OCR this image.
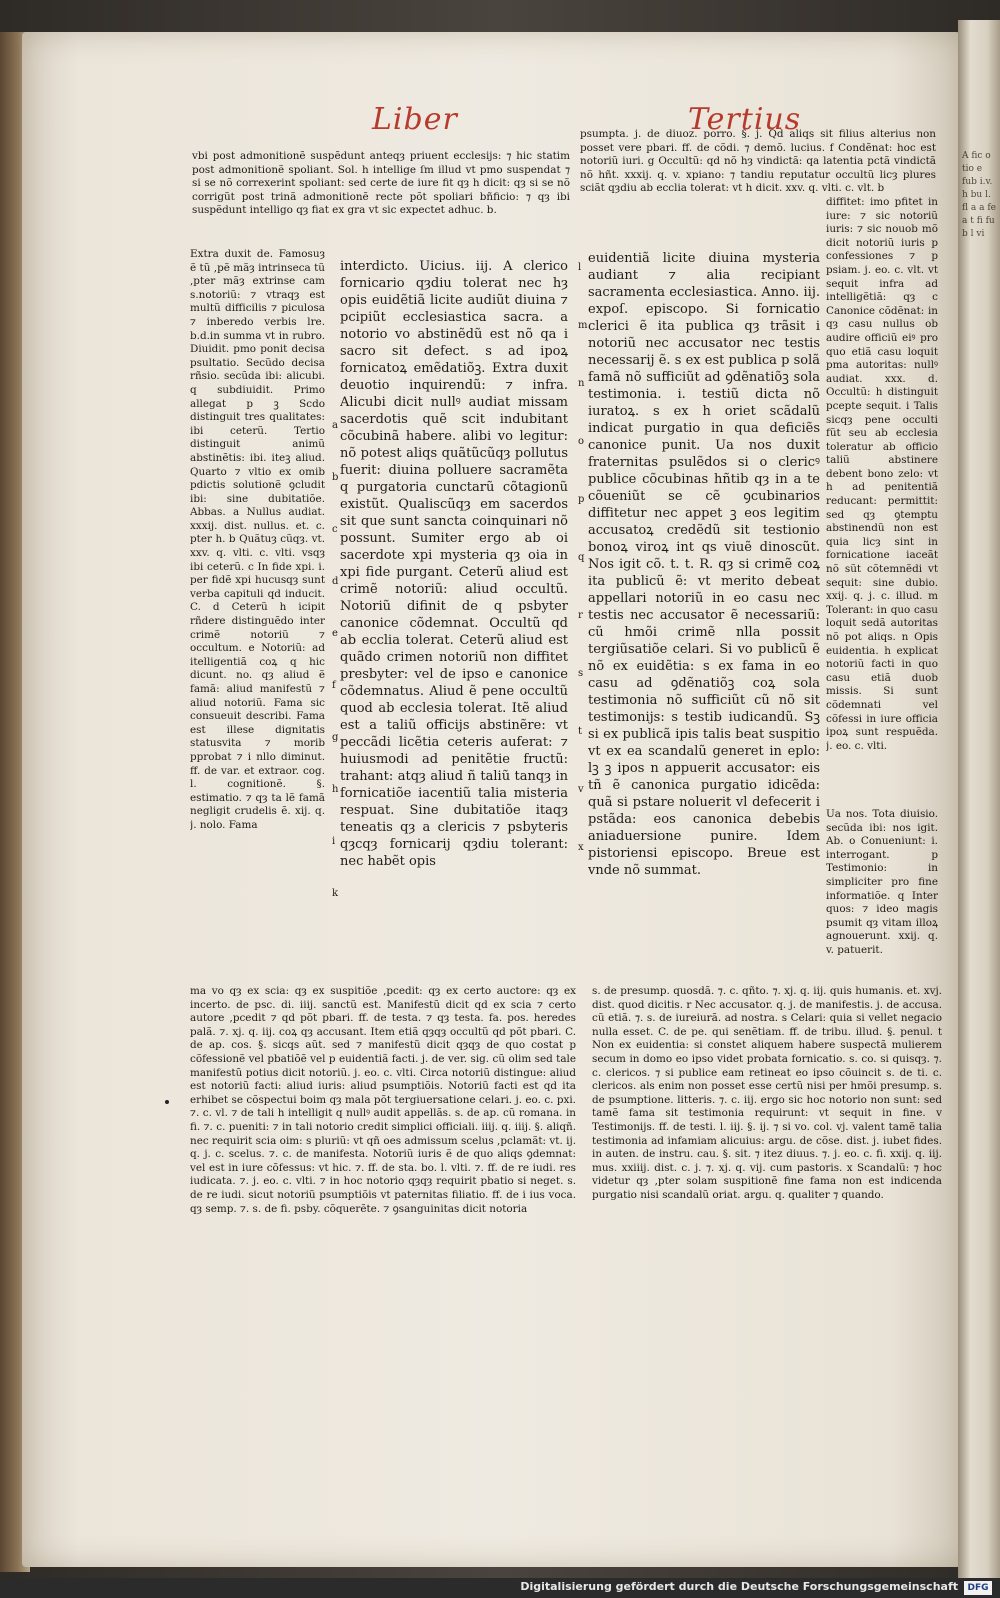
A fic o tio e fub i.v. h bu l. fl a a fe a t fi fu b l vi
Liber	Tertius
vbi post admonitionẽ suspẽdunt anteqȝ priuent ecclesijs: ⁊ hic statim post admonitionẽ spoliant. Sol. h intellige ſm illud vt pmo suspendat ⁊ si se nõ correxerint spoliant: sed certe de iure fit qȝ h dicit: qȝ si se nõ corrigũt post trinã admonitionẽ recte põt spoliari bñficio: ⁊ qȝ ibi suspẽdunt intelligo qȝ fiat ex gra vt sic expectet adhuc. b.
psumpta. j. de diuoz. porro. §. j. Qd aliqs sit filius alterius non posset vere pbari. ff. de cõdi. ⁊ demõ. lucius. f Condẽnat: hoc est notoriũ iuri. g Occultũ: qd nõ hȝ vindictã: qa latentia pctã vindictã nõ hñt. xxxij. q. v. xpiano: ⁊ tandiu reputatur occultũ licȝ plures sciãt qȝdiu ab ecclia tolerat: vt h dicit. xxv. q. vlti. c. vlt. b
Extra duxit de. Famosuȝ ẽ tũ ,pẽ mãȝ intrinseca tũ ,pter mãȝ extrinse cam s.notoriũ: ⁊ vtraqȝ est multũ difficilis ⁊ piculosa ⁊ inberedo verbis lre. b.d.in summa vt in rubro. Diuidit. pmo ponit decisa psultatio. Secũdo decisa rñsio. secũda ibi: alicubi. q subdiuidit. Primo allegat p ꝫ Scdo distinguit tres qualitates: ibi ceterũ. Tertio distinguit animũ abstinẽtis: ibi. iteꝫ aliud. Quarto ⁊ vltio ex omib pdictis solutionẽ ꝯcludit ibi: sine dubitatiõe. Abbas. a Nullus audiat. xxxij. dist. nullus. et. c. pter h. b Quãtuȝ cũqȝ. vt. xxv. q. vlti. c. vlti. vsqȝ ibi ceterũ. c In fide xpi. i. per fidẽ xpi hucusqȝ sunt verba capituli qd inducit. C. d Ceterũ h icipit rñdere distinguẽdo inter crimẽ notoriũ ⁊ occultum. e Notoriũ: ad itelligentiã coꝝ q hic dicunt. no. qȝ aliud ẽ famã: aliud manifestũ ⁊ aliud notoriũ. Fama sic consueuit describi. Fama est illese dignitatis statusvita ⁊ morib pprobat ⁊ i nllo diminut. ff. de var. et extraor. cog. l. cognitionẽ. §. estimatio. ⁊ qȝ ta lẽ famã negligit crudelis ẽ. xij. q. j. nolo. Fama
interdicto. Uicius. iij. A clerico fornicario qȝdiu tolerat nec hȝ opis euidẽtiã licite audiũt diuina ⁊ pcipiũt ecclesiastica sacra. a notorio vo abstinẽdũ est nõ qa i sacro sit defect. s ad ipoꝝ fornicatoꝝ emẽdatiõꝫ. Extra duxit deuotio inquirendũ: ⁊ infra. Alicubi dicit nullꝰ audiat missam sacerdotis quẽ scit indubitant cõcubinã habere. alibi vo legitur: nõ potest aliqs quãtũcũqȝ pollutus fuerit: diuina polluere sacramẽta q purgatoria cunctarũ cõtagionũ existũt. Qualiscũqȝ em sacerdos sit que sunt sancta coinquinari nõ possunt. Sumiter ergo ab oi sacerdote xpi mysteria qȝ oia in xpi fide purgant. Ceterũ aliud est crimẽ notoriũ: aliud occultũ. Notoriũ difinit de q psbyter canonice cõdemnat. Occultũ qd ab ecclia tolerat. Ceterũ aliud est quãdo crimen notoriũ non diffitet presbyter: vel de ipso e canonice cõdemnatus. Aliud ẽ pene occultũ quod ab ecclesia tolerat. Itẽ aliud est a taliũ officijs abstinẽre: vt peccãdi licẽtia ceteris auferat: ⁊ huiusmodi ad penitẽtie fructũ: trahant: atqȝ aliud ñ taliũ tanqȝ in fornicatiõe iacentiũ talia misteria respuat. Sine dubitatiõe itaqȝ teneatis qȝ a clericis ⁊ psbyteris qȝcqȝ fornicarij qȝdiu tolerant: nec habẽt opis
euidentiã licite diuina mysteria audiant ⁊ alia recipiant sacramenta ecclesiastica. Anno. iij. expoſ. episcopo. Si fornicatio clerici ẽ ita publica qȝ trãsit i notoriũ nec accusator nec testis necessarij ẽ. s ex est publica p solã famã nõ sufficiũt ad ꝯdẽnatiõꝫ sola testimonia. i. testiũ dicta nõ iuratoꝝ. s ex h oriet scãdalũ indicat purgatio in qua deficiẽs canonice punit. Ua nos duxit fraternitas psulẽdos si o clericꝰ publice cõcubinas hñtib qȝ in a te cõueniũt se cẽ ꝯcubinarios diffitetur nec appet ꝫ eos legitim accusatoꝝ credẽdũ sit testionio bonoꝝ viroꝝ int qs viuẽ dinoscũt. Nos igit cõ. t. t. R. qȝ si crimẽ coꝝ ita publicũ ẽ: vt merito debeat appellari notoriũ in eo casu nec testis nec accusator ẽ necessariũ: cũ hmõi crimẽ nlla possit tergiũsatiõe celari. Si vo publicũ ẽ nõ ex euidẽtia: s ex fama in eo casu ad ꝯdẽnatiõꝫ coꝝ sola testimonia nõ sufficiũt cũ nõ sit testimonijs: s testib iudicandũ. Sꝫ si ex publicã ipis talis beat suspitio vt ex ea scandalũ generet in eplo: lꝫ ꝫ ipos n appuerit accusator: eis tñ ẽ canonica purgatio idicẽda: quã si pstare noluerit vl defecerit i pstãda: eos canonica debebis aniaduersione punire. Idem pistoriensi episcopo. Breue est vnde nõ summat.
diffitet: imo pfitet in iure: ⁊ sic notoriũ iuris: ⁊ sic nouob mõ dicit notoriũ iuris p confessiones ⁊ p psiam. j. eo. c. vlt. vt sequit infra ad intelligẽtiã: qȝ c Canonice cõdẽnat: in qȝ casu nullus ob audire officiũ eiꝰ pro quo etiã casu loquit pma autoritas: nullꝰ audiat. xxx. d. Occultũ: h distinguit pcepte sequit. i Talis sicqȝ pene occulti fũt seu ab ecclesia toleratur ab officio taliũ abstinere debent bono zelo: vt h ad penitentiã reducant: permittit: sed qȝ ꝯtemptu abstinendũ non est quia licȝ sint in fornicatione iaceãt nõ sũt cõtemnẽdi vt sequit: sine dubio. xxij. q. j. c. illud. m Tolerant: in quo casu loquit sedã autoritas nõ pot aliqs. n Opis euidentia. h explicat notoriũ facti in quo casu etiã duob missis. Si sunt cõdemnati vel cõfessi in iure officia ipoꝝ sunt respuẽda. j. eo. c. vlti.
Ua nos. Tota diuisio. secũda ibi: nos igit. Ab. o Conueniunt: i. interrogant. p Testimonio: in simpliciter pro fine informatiõe. q Inter quos: ⁊ ideo magis psumit qȝ vitam illoꝝ agnouerunt. xxij. q. v. patuerit.
ma vo qȝ ex scia: qȝ ex suspitiõe ,pcedit: qȝ ex certo auctore: qȝ ex incerto. de psc. di. iiij. sanctũ est. Manifestũ dicit qd ex scia ⁊ certo autore ,pcedit ⁊ qd põt pbari. ff. de testa. ⁊ qȝ testa. fa. pos. heredes palã. ⁊. xj. q. iij. coꝝ qȝ accusant. Item etiã qȝqȝ occultũ qd põt pbari. C. de ap. cos. §. sicqs aũt. sed ⁊ manifestũ dicit qȝqȝ de quo costat p cõfessionẽ vel pbatiõẽ vel p euidentiã facti. j. de ver. sig. cũ olim sed tale manifestũ potius dicit notoriũ. j. eo. c. vlti. Circa notoriũ distingue: aliud est notoriũ facti: aliud iuris: aliud psumptiõis. Notoriũ facti est qd ita erhibet se cõspectui boim qȝ mala põt tergiuersatione celari. j. eo. c. pxi. ⁊. c. vl. ⁊ de tali h intelligit q nullꝰ audit appellãs. s. de ap. cũ romana. in fi. ⁊. c. pueniti: ⁊ in tali notorio credit simplici officiali. iiij. q. iiij. §. aliqñ. nec requirit scia oim: s pluriũ: vt qñ oes admissum scelus ,pclamãt: vt. ij. q. j. c. scelus. ⁊. c. de manifesta. Notoriũ iuris ẽ de quo aliqs ꝯdemnat: vel est in iure cõfessus: vt hic. ⁊. ff. de sta. bo. l. vlti. ⁊. ff. de re iudi. res iudicata. ⁊. j. eo. c. vlti. ⁊ in hoc notorio qȝqȝ requirit pbatio si neget. s. de re iudi. sicut notoriũ psumptiõis vt paternitas filiatio. ff. de i ius voca. qȝ semp. ⁊. s. de fi. psby. cõquerẽte. ⁊ ꝯsanguinitas dicit notoria
s. de presump. quosdã. ⁊. c. qñto. ⁊. xj. q. iij. quis humanis. et. xvj. dist. quod dicitis. r Nec accusator. q. j. de manifestis. j. de accusa. cũ etiã. ⁊. s. de iureiurã. ad nostra. s Celari: quia si vellet negacio nulla esset. C. de pe. qui senẽtiam. ff. de tribu. illud. §. penul. t Non ex euidentia: si constet aliquem habere suspectã mulierem secum in domo eo ipso videt probata fornicatio. s. co. si quisqȝ. ⁊. c. clericos. ⁊ si publice eam retineat eo ipso cõuincit s. de ti. c. clericos. als enim non posset esse certũ nisi per hmõi presump. s. de psumptione. litteris. ⁊. c. iij. ergo sic hoc notorio non sunt: sed tamẽ fama sit testimonia requirunt: vt sequit in fine. v Testimonijs. ff. de testi. l. iij. §. ij. ⁊ si vo. col. vj. valent tamẽ talia testimonia ad infamiam alicuius: argu. de cõse. dist. j. iubet fides. in auten. de instru. cau. §. sit. ⁊ itez diuus. ⁊. j. eo. c. fi. xxij. q. iij. mus. xxiiij. dist. c. j. ⁊. xj. q. vij. cum pastoris. x Scandalũ: ⁊ hoc videtur qȝ ,pter solam suspitionẽ fine fama non est indicenda purgatio nisi scandalũ oriat. argu. q. qualiter ⁊ quando.
a
b
c
d
e
f
g
h
i
k
l
m
n
o
p
q
r
s
t
v
x
Digitalisierung gefördert durch die Deutsche Forschungsgemeinschaft	DFG
